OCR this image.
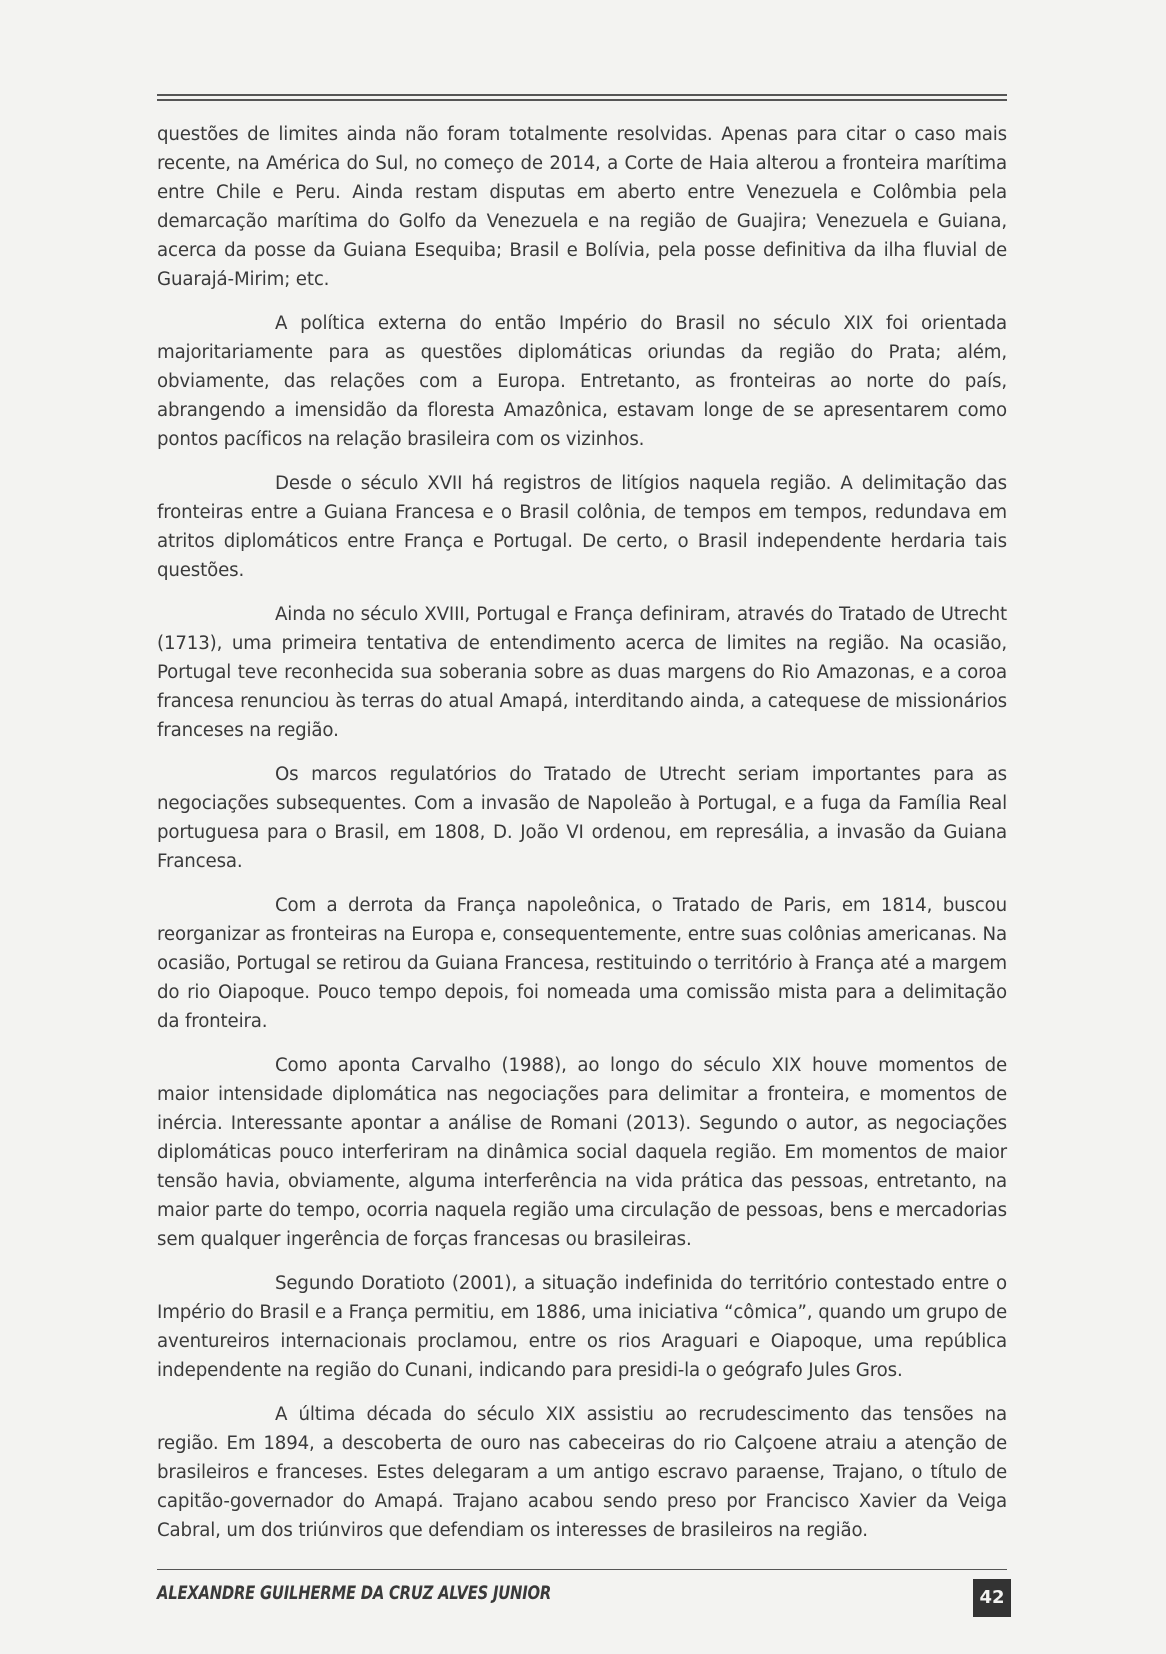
questões de limites ainda não foram totalmente resolvidas. Apenas para citar o caso mais recente, na América do Sul, no começo de 2014, a Corte de Haia alterou a fronteira marítima entre Chile e Peru. Ainda restam disputas em aberto entre Venezuela e Colômbia pela demarcação marítima do Golfo da Venezuela e na região de Guajira; Venezuela e Guiana, acerca da posse da Guiana Esequiba; Brasil e Bolívia, pela posse definitiva da ilha fluvial de Guarajá-Mirim; etc.

A política externa do então Império do Brasil no século XIX foi orientada majoritariamente para as questões diplomáticas oriundas da região do Prata; além, obviamente, das relações com a Europa. Entretanto, as fronteiras ao norte do país, abrangendo a imensidão da floresta Amazônica, estavam longe de se apresentarem como pontos pacíficos na relação brasileira com os vizinhos.

Desde o século XVII há registros de litígios naquela região. A delimitação das fronteiras entre a Guiana Francesa e o Brasil colônia, de tempos em tempos, redundava em atritos diplomáticos entre França e Portugal. De certo, o Brasil independente herdaria tais questões.

Ainda no século XVIII, Portugal e França definiram, através do Tratado de Utrecht (1713), uma primeira tentativa de entendimento acerca de limites na região. Na ocasião, Portugal teve reconhecida sua soberania sobre as duas margens do Rio Amazonas, e a coroa francesa renunciou às terras do atual Amapá, interditando ainda, a catequese de missionários franceses na região.

Os marcos regulatórios do Tratado de Utrecht seriam importantes para as negociações subsequentes. Com a invasão de Napoleão à Portugal, e a fuga da Família Real portuguesa para o Brasil, em 1808, D. João VI ordenou, em represália, a invasão da Guiana Francesa.

Com a derrota da França napoleônica, o Tratado de Paris, em 1814, buscou reorganizar as fronteiras na Europa e, consequentemente, entre suas colônias americanas. Na ocasião, Portugal se retirou da Guiana Francesa, restituindo o território à França até a margem do rio Oiapoque. Pouco tempo depois, foi nomeada uma comissão mista para a delimitação da fronteira.

Como aponta Carvalho (1988), ao longo do século XIX houve momentos de maior intensidade diplomática nas negociações para delimitar a fronteira, e momentos de inércia. Interessante apontar a análise de Romani (2013). Segundo o autor, as negociações diplomáticas pouco interferiram na dinâmica social daquela região. Em momentos de maior tensão havia, obviamente, alguma interferência na vida prática das pessoas, entretanto, na maior parte do tempo, ocorria naquela região uma circulação de pessoas, bens e mercadorias sem qualquer ingerência de forças francesas ou brasileiras.

Segundo Doratioto (2001), a situação indefinida do território contestado entre o Império do Brasil e a França permitiu, em 1886, uma iniciativa “cômica”, quando um grupo de aventureiros internacionais proclamou, entre os rios Araguari e Oiapoque, uma república independente na região do Cunani, indicando para presidi-la o geógrafo Jules Gros.

A última década do século XIX assistiu ao recrudescimento das tensões na região. Em 1894, a descoberta de ouro nas cabeceiras do rio Calçoene atraiu a atenção de brasileiros e franceses. Estes delegaram a um antigo escravo paraense, Trajano, o título de capitão-governador do Amapá. Trajano acabou sendo preso por Francisco Xavier da Veiga Cabral, um dos triúnviros que defendiam os interesses de brasileiros na região.

ALEXANDRE GUILHERME DA CRUZ ALVES JUNIOR	42
